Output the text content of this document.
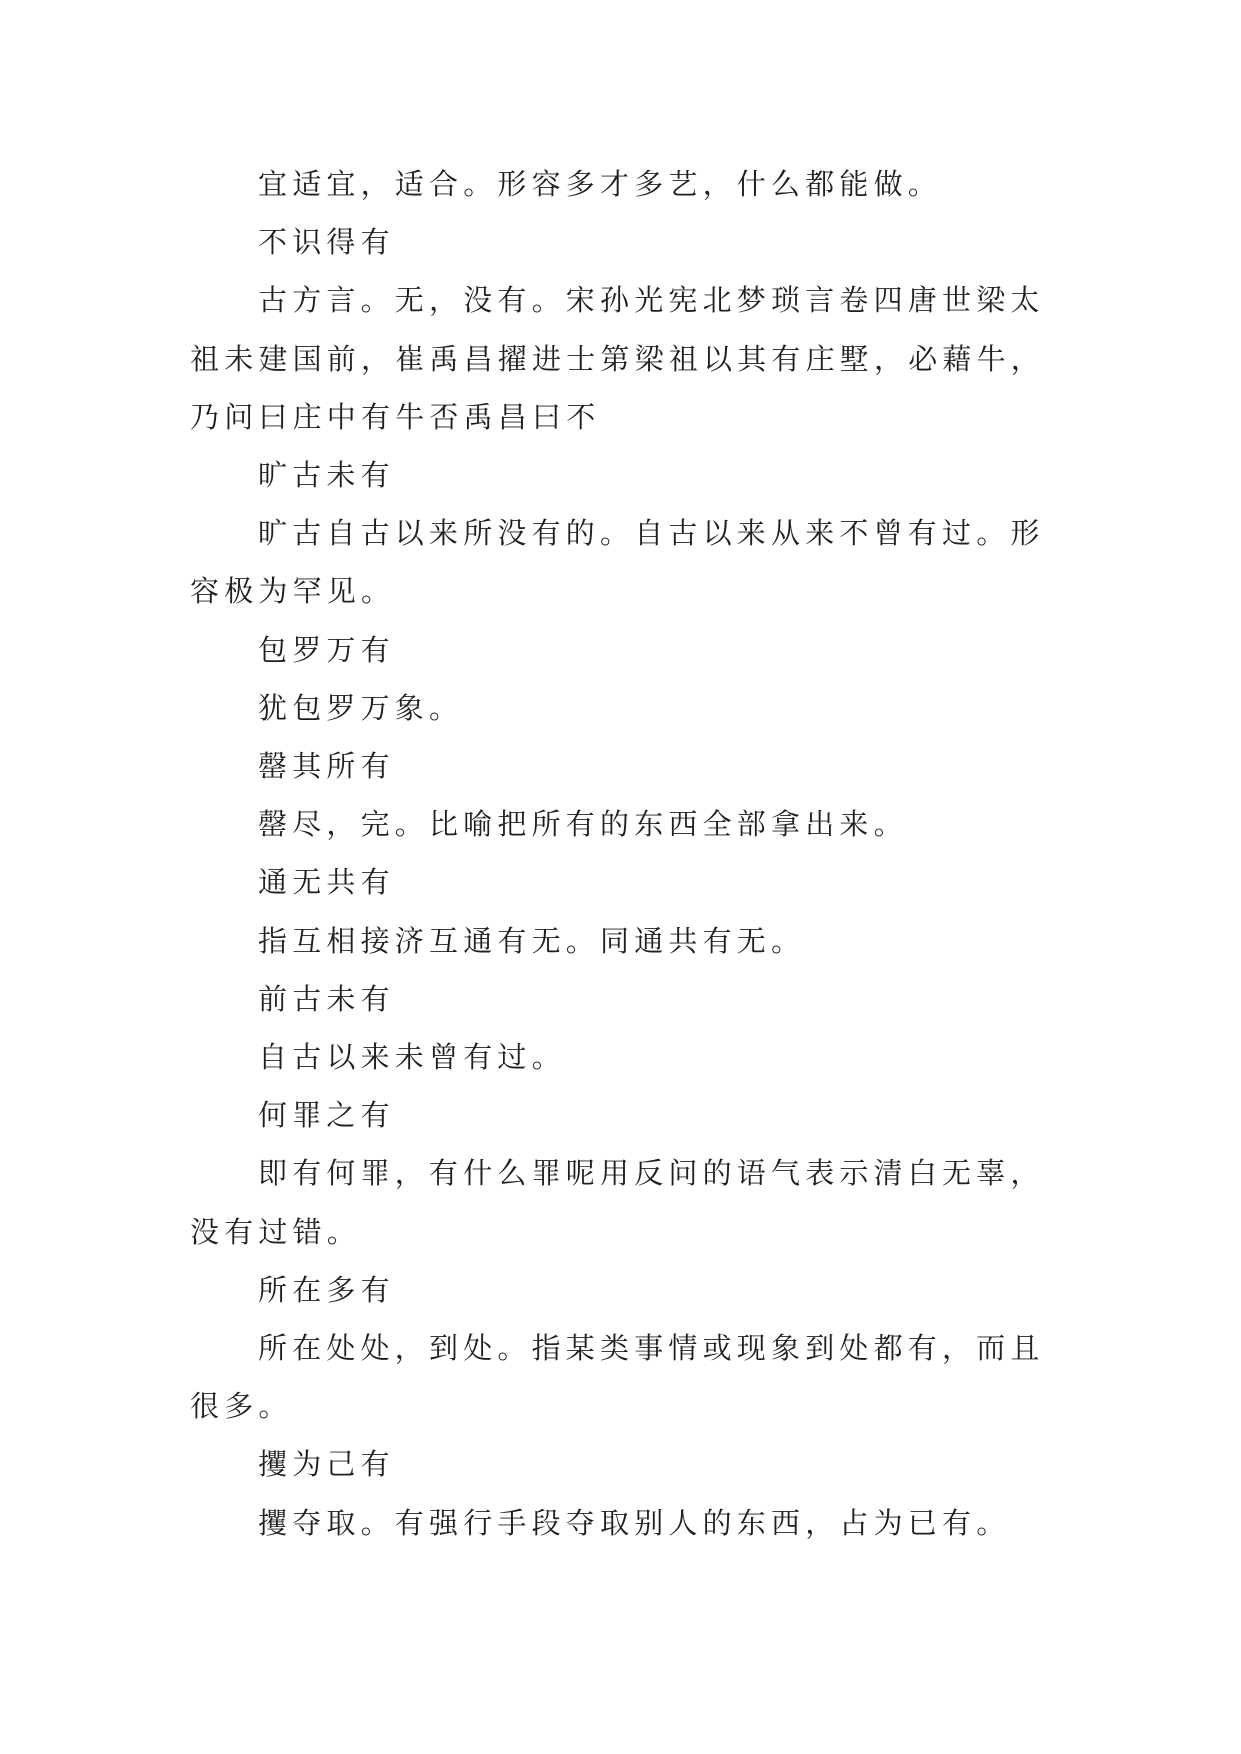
宜适宜，适合。形容多才多艺，什么都能做。

不识得有

古方言。无，没有。宋孙光宪北梦琐言卷四唐世梁太祖未建国前，崔禹昌擢进士第梁祖以其有庄墅，必藉牛，乃问曰庄中有牛否禹昌曰不

旷古未有

旷古自古以来所没有的。自古以来从来不曾有过。形容极为罕见。

包罗万有

犹包罗万象。

罄其所有

罄尽，完。比喻把所有的东西全部拿出来。

通无共有

指互相接济互通有无。同通共有无。

前古未有

自古以来未曾有过。

何罪之有

即有何罪，有什么罪呢用反问的语气表示清白无辜，没有过错。

所在多有

所在处处，到处。指某类事情或现象到处都有，而且很多。

攫为己有

攫夺取。有强行手段夺取别人的东西，占为已有。
